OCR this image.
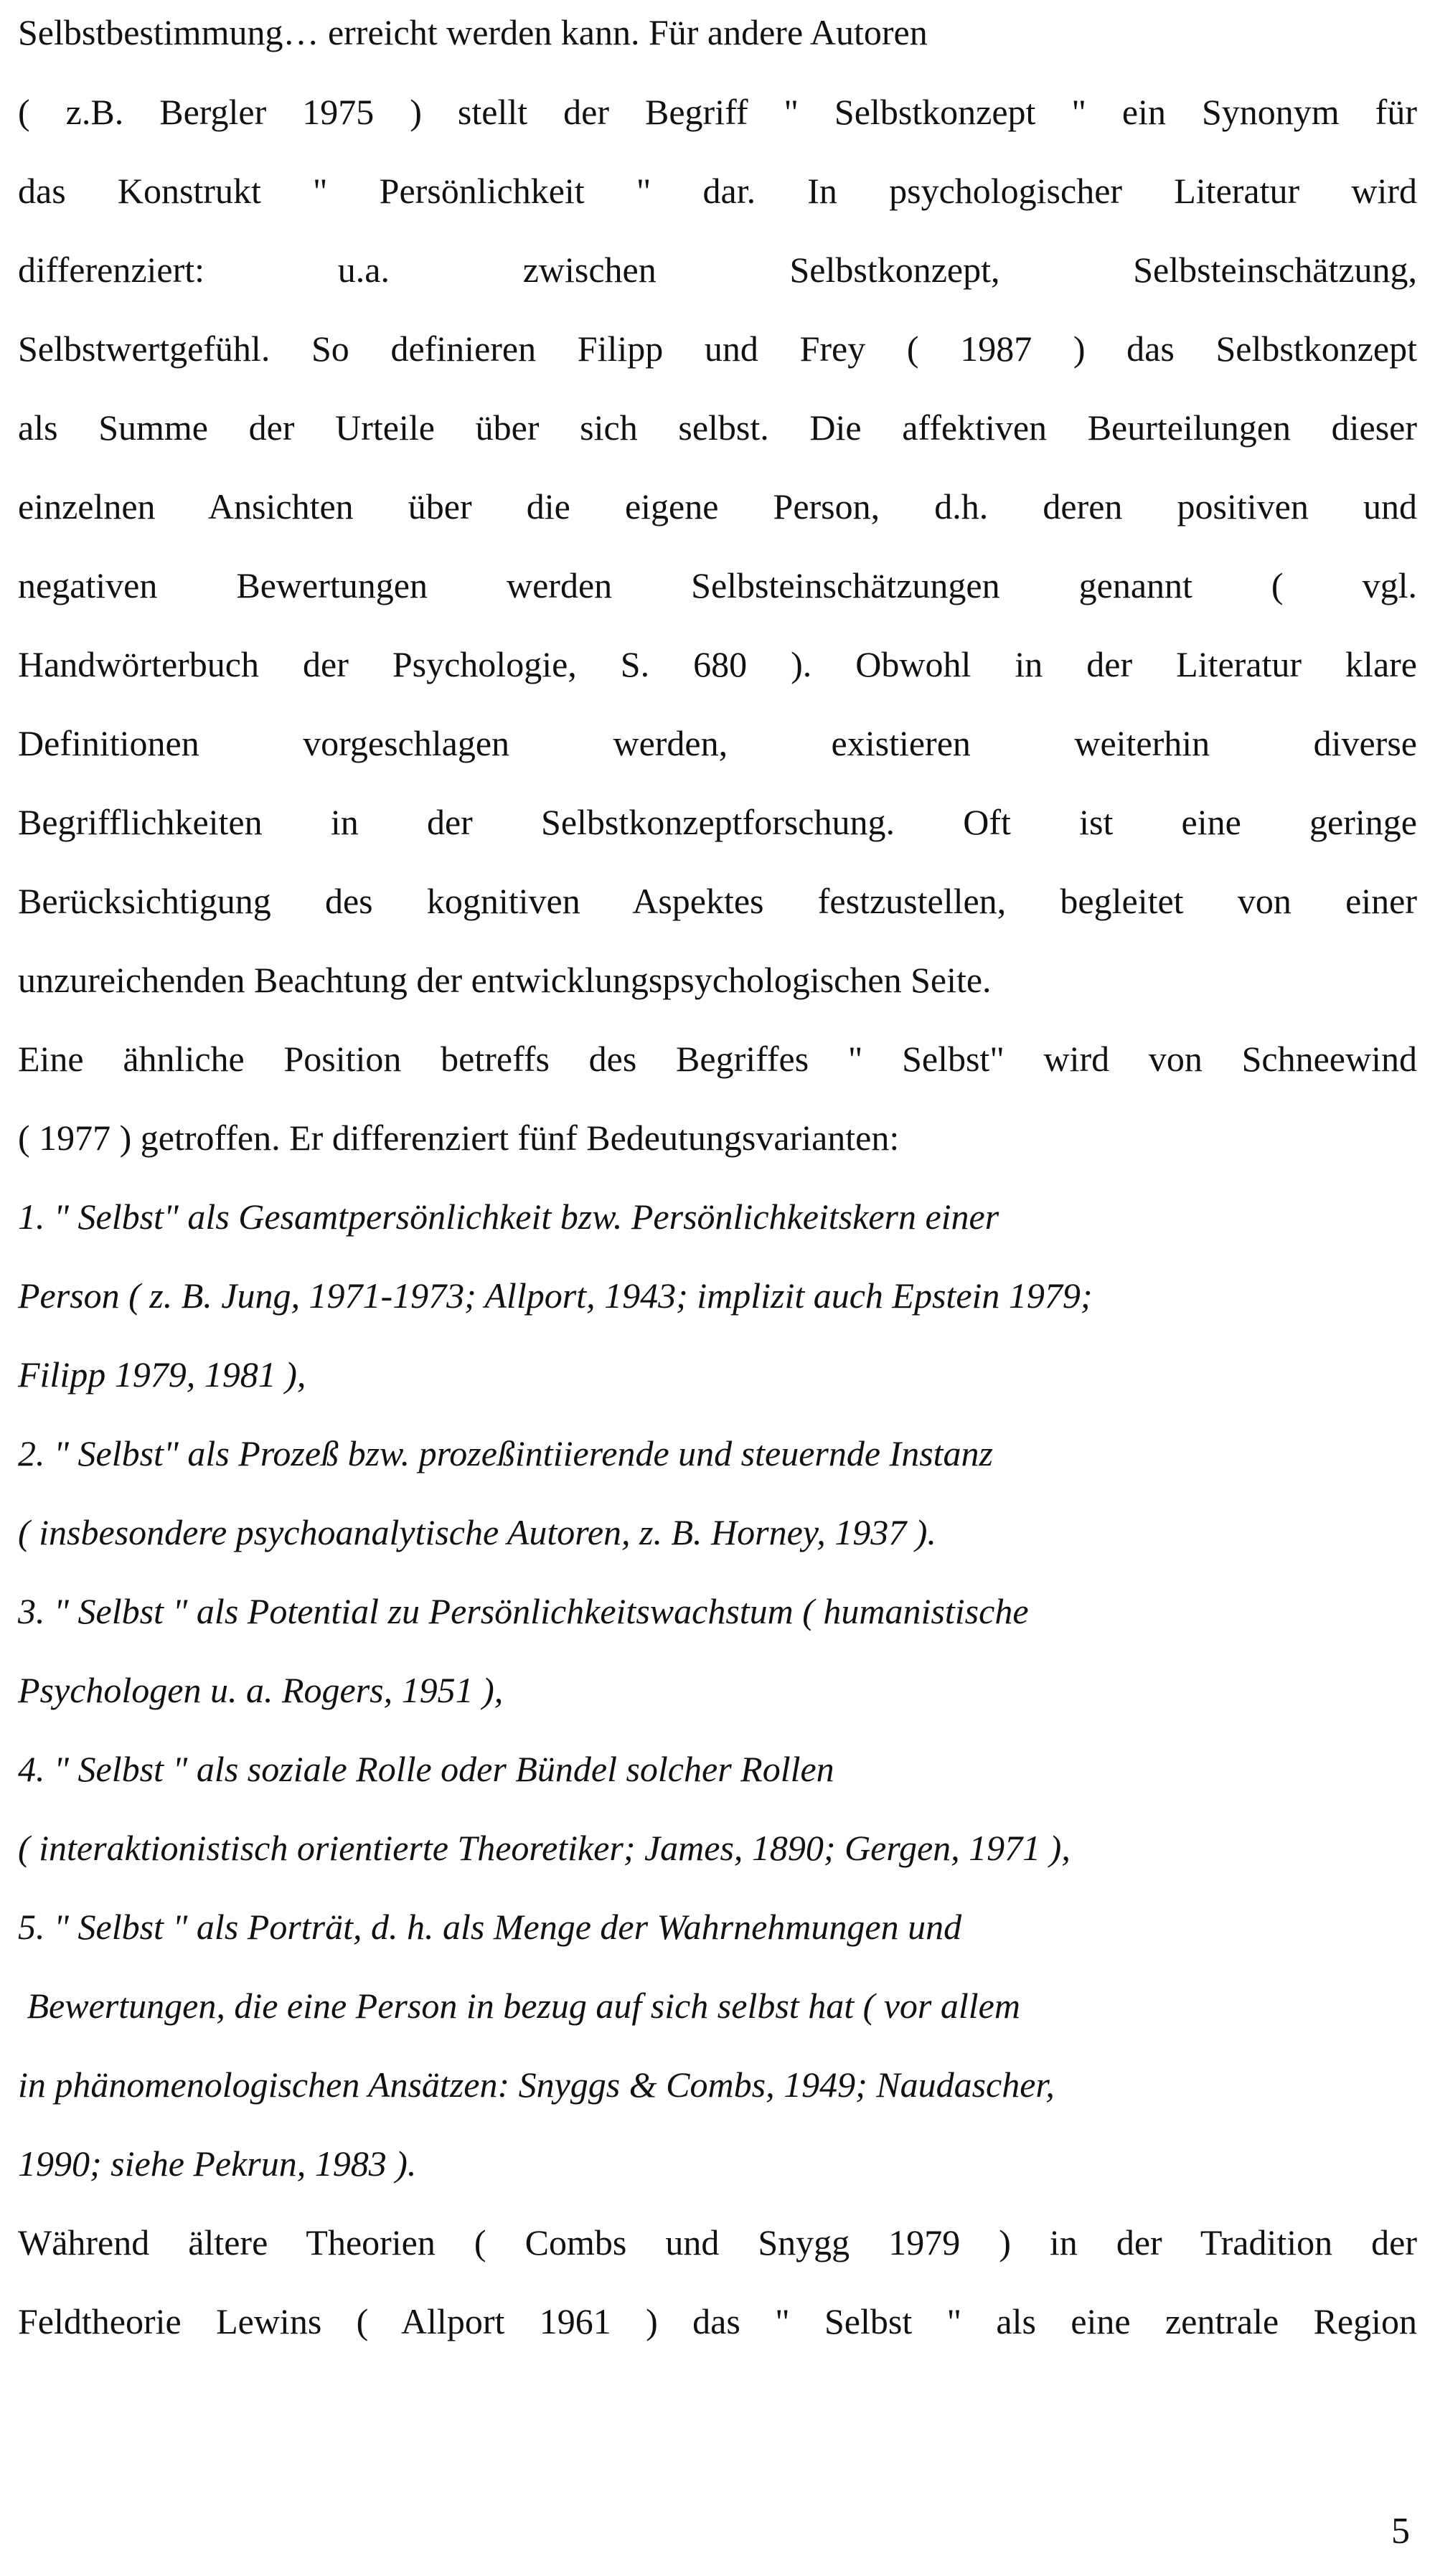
Selbstbestimmung… erreicht werden kann. Für andere Autoren
( z.B. Bergler 1975 ) stellt der Begriff " Selbstkonzept " ein Synonym für
das Konstrukt " Persönlichkeit " dar. In psychologischer Literatur wird
differenziert: u.a. zwischen Selbstkonzept, Selbsteinschätzung,
Selbstwertgefühl. So definieren Filipp und Frey ( 1987 ) das Selbstkonzept
als Summe der Urteile über sich selbst. Die affektiven Beurteilungen dieser
einzelnen Ansichten über die eigene Person, d.h. deren positiven und
negativen Bewertungen werden Selbsteinschätzungen genannt ( vgl.
Handwörterbuch der Psychologie, S. 680 ). Obwohl in der Literatur klare
Definitionen vorgeschlagen werden, existieren weiterhin diverse
Begrifflichkeiten in der Selbstkonzeptforschung. Oft ist eine geringe
Berücksichtigung des kognitiven Aspektes festzustellen, begleitet von einer
unzureichenden Beachtung der entwicklungspsychologischen Seite.
Eine ähnliche Position betreffs des Begriffes " Selbst" wird von Schneewind
( 1977 ) getroffen. Er differenziert fünf Bedeutungsvarianten:
1. " Selbst" als Gesamtpersönlichkeit bzw. Persönlichkeitskern einer
Person ( z. B. Jung, 1971-1973; Allport, 1943; implizit auch Epstein 1979;
Filipp 1979, 1981 ),
2. " Selbst" als Prozeß bzw. prozeßintiierende und steuernde Instanz
( insbesondere psychoanalytische Autoren, z. B. Horney, 1937 ).
3. " Selbst " als Potential zu Persönlichkeitswachstum ( humanistische
Psychologen u. a. Rogers, 1951 ),
4. " Selbst " als soziale Rolle oder Bündel solcher Rollen
( interaktionistisch orientierte Theoretiker; James, 1890; Gergen, 1971 ),
5. " Selbst " als Porträt, d. h. als Menge der Wahrnehmungen und
Bewertungen, die eine Person in bezug auf sich selbst hat ( vor allem
in phänomenologischen Ansätzen: Snyggs & Combs, 1949; Naudascher,
1990; siehe Pekrun, 1983 ).
Während ältere Theorien ( Combs und Snygg 1979 ) in der Tradition der
Feldtheorie Lewins ( Allport 1961 ) das " Selbst " als eine zentrale Region
5
